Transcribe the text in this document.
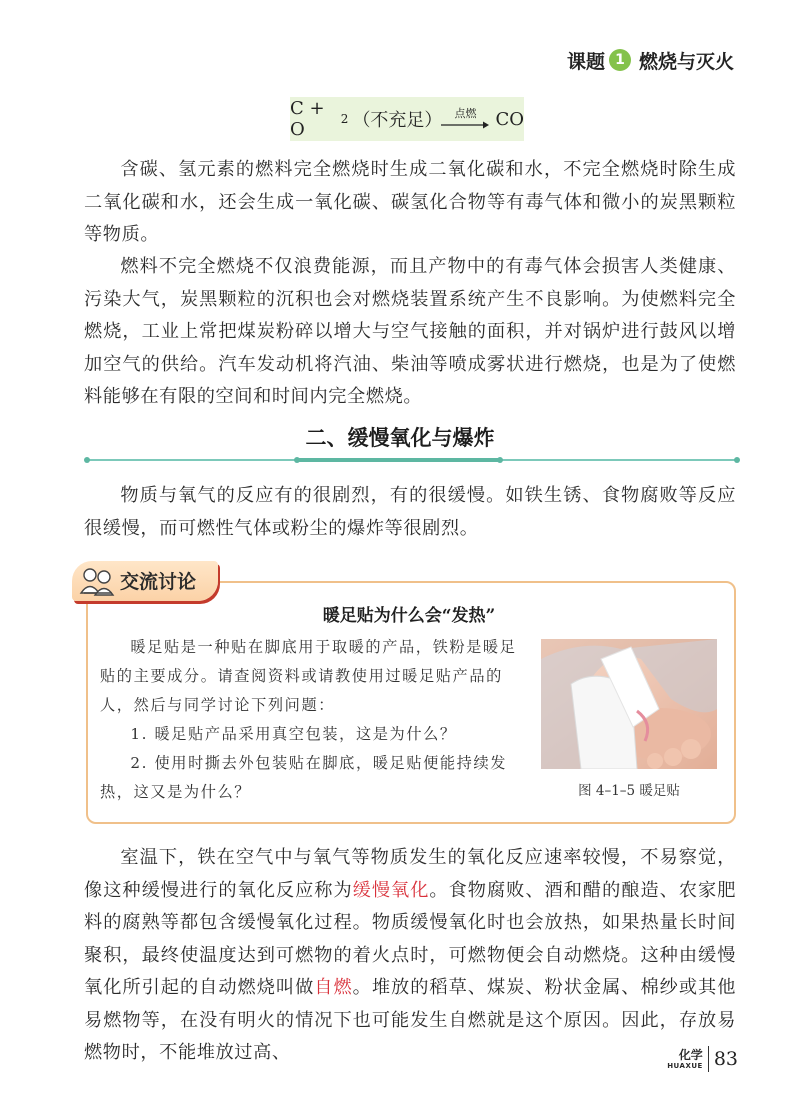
课题 1 燃烧与灭火
C + O	2 （不充足） 点燃 CO

含碳、氢元素的燃料完全燃烧时生成二氧化碳和水，不完全燃烧时除生成二氧化碳和水，还会生成一氧化碳、碳氢化合物等有毒气体和微小的炭黑颗粒等物质。

燃料不完全燃烧不仅浪费能源，而且产物中的有毒气体会损害人类健康、污染大气，炭黑颗粒的沉积也会对燃烧装置系统产生不良影响。为使燃料完全燃烧，工业上常把煤炭粉碎以增大与空气接触的面积，并对锅炉进行鼓风以增加空气的供给。汽车发动机将汽油、柴油等喷成雾状进行燃烧，也是为了使燃料能够在有限的空间和时间内完全燃烧。

二、缓慢氧化与爆炸

物质与氧气的反应有的很剧烈，有的很缓慢。如铁生锈、食物腐败等反应很缓慢，而可燃性气体或粉尘的爆炸等很剧烈。

交流讨论
暖足贴为什么会“发热”

暖足贴是一种贴在脚底用于取暖的产品，铁粉是暖足贴的主要成分。请查阅资料或请教使用过暖足贴产品的人，然后与同学讨论下列问题：

1. 暖足贴产品采用真空包装，这是为什么？

2. 使用时撕去外包装贴在脚底，暖足贴便能持续发热，这又是为什么？	图 4–1–5 暖足贴

室温下，铁在空气中与氧气等物质发生的氧化反应速率较慢，不易察觉，像这种缓慢进行的氧化反应称为缓慢氧化。食物腐败、酒和醋的酿造、农家肥料的腐熟等都包含缓慢氧化过程。物质缓慢氧化时也会放热，如果热量长时间聚积，最终使温度达到可燃物的着火点时，可燃物便会自动燃烧。这种由缓慢氧化所引起的自动燃烧叫做自燃。堆放的稻草、煤炭、粉状金属、棉纱或其他易燃物等，在没有明火的情况下也可能发生自燃就是这个原因。因此，存放易燃物时，不能堆放过高、	化学
HUAXUE 83
